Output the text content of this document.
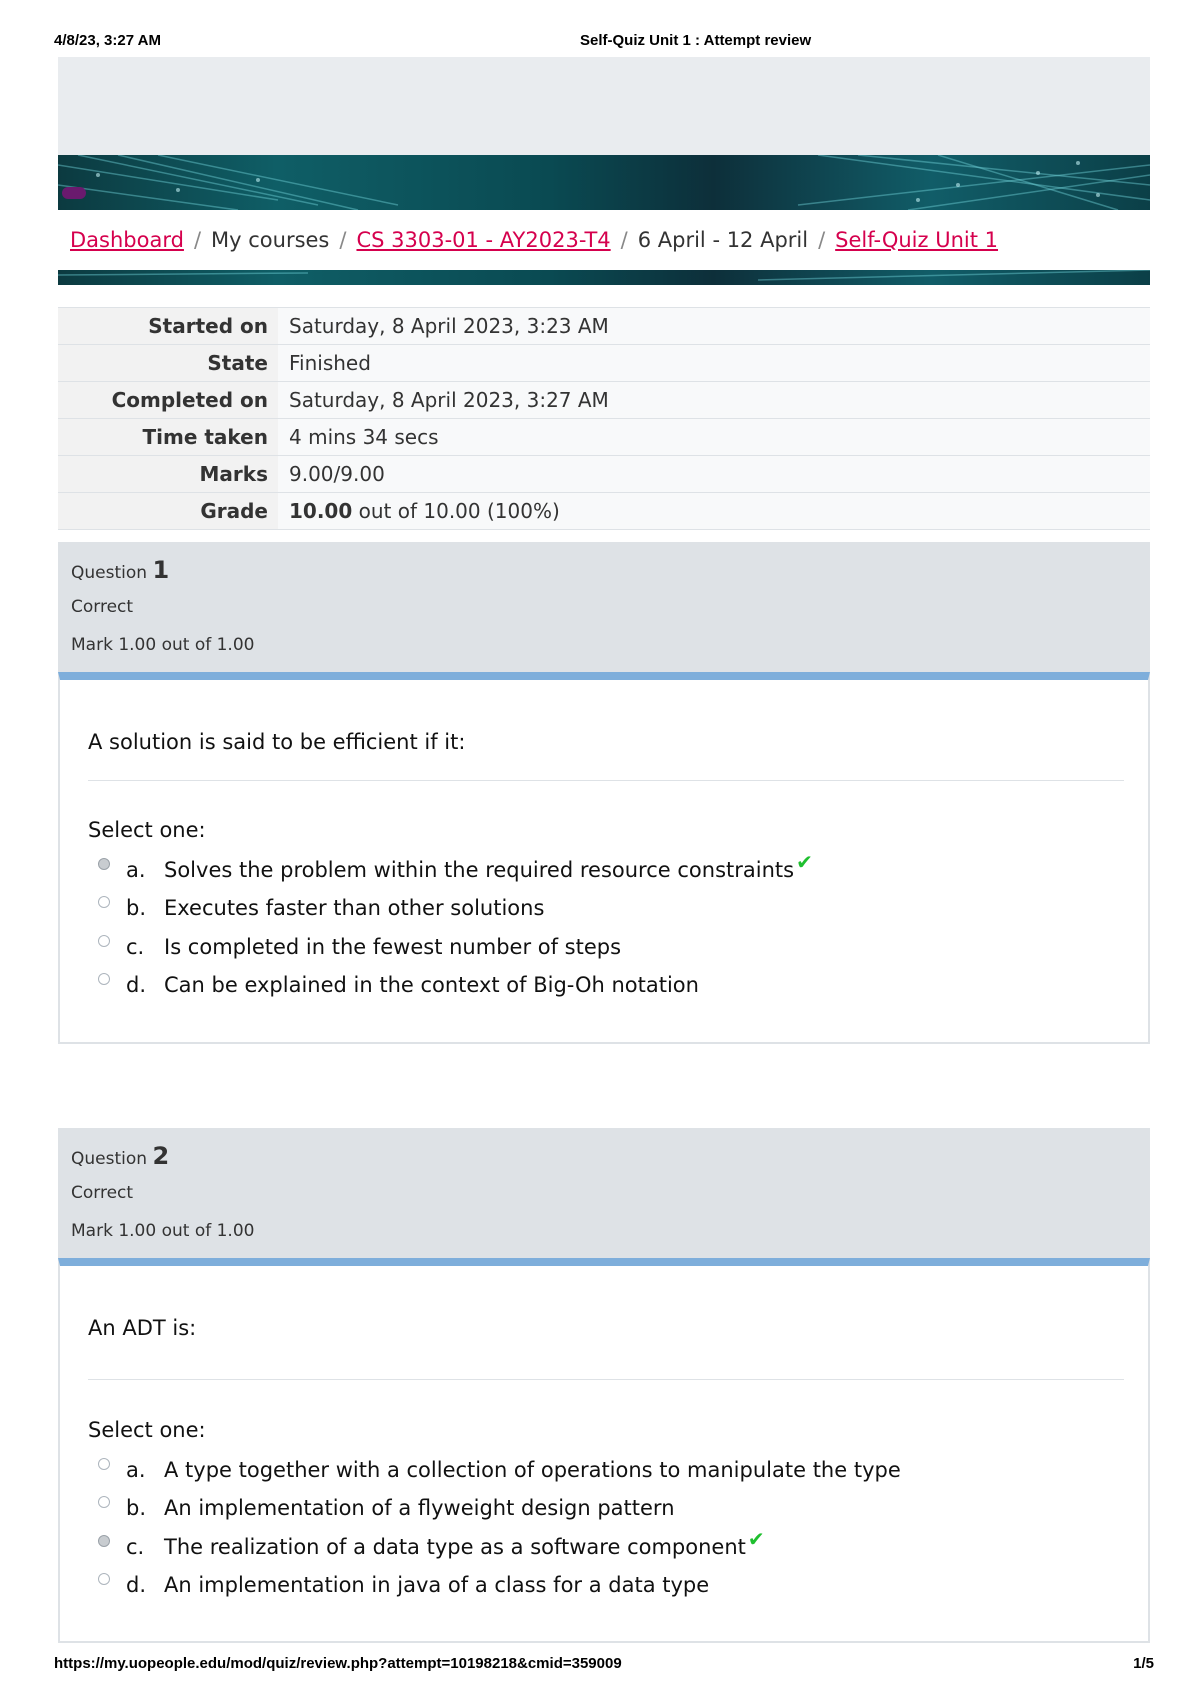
4/8/23, 3:27 AM	Self-Quiz Unit 1 : Attempt review
Dashboard / My courses / CS 3303-01 - AY2023-T4 / 6 April - 12 April / Self-Quiz Unit 1
Started on	Saturday, 8 April 2023, 3:23 AM
State	Finished
Completed on	Saturday, 8 April 2023, 3:27 AM
Time taken	4 mins 34 secs
Marks	9.00/9.00
Grade	10.00 out of 10.00 (100%)
Question 1
Correct
Mark 1.00 out of 1.00
A solution is said to be efficient if it:
Select one:
a. Solves the problem within the required resource constraints ✔
b. Executes faster than other solutions
c. Is completed in the fewest number of steps
d. Can be explained in the context of Big-Oh notation
Question 2
Correct
Mark 1.00 out of 1.00
An ADT is:
Select one:
a. A type together with a collection of operations to manipulate the type
b. An implementation of a flyweight design pattern
c. The realization of a data type as a software component ✔
d. An implementation in java of a class for a data type
https://my.uopeople.edu/mod/quiz/review.php?attempt=10198218&cmid=359009	1/5
